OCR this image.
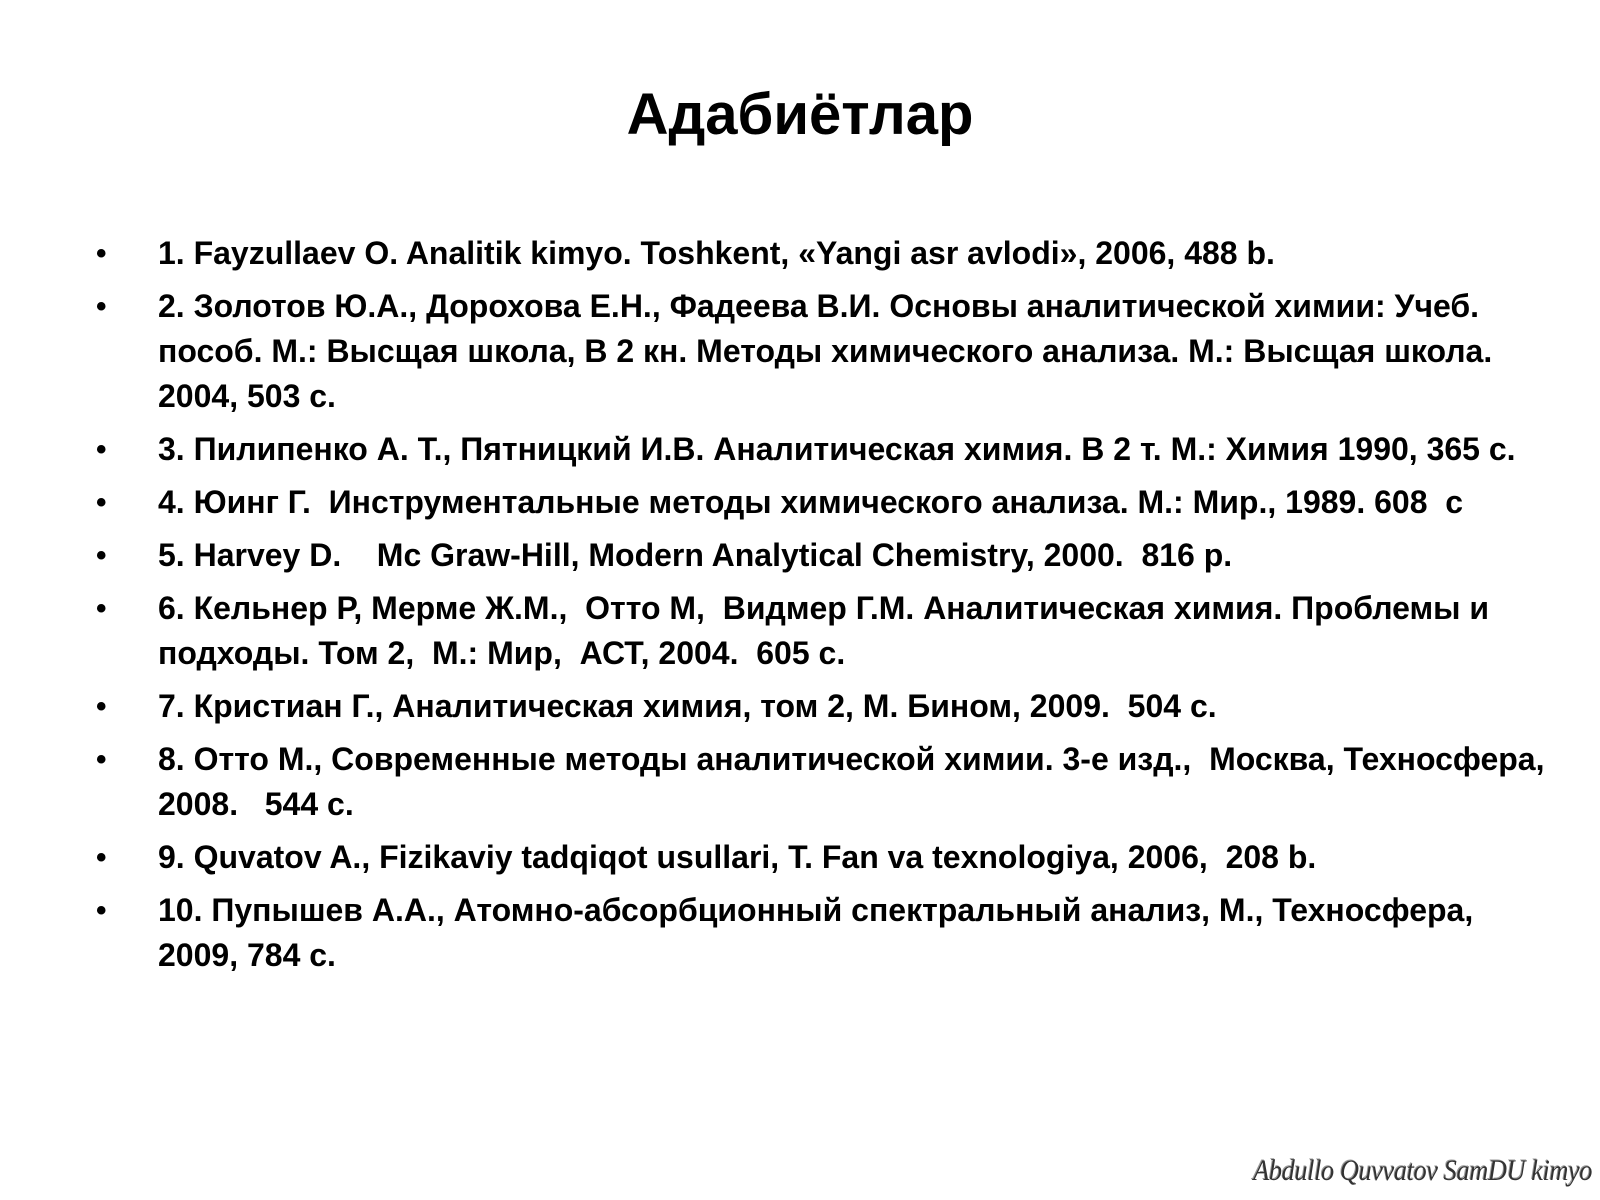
Адабиётлар
• 1. Fayzullaev O. Analitik kimyo. Toshkent, «Yangi asr avlodi», 2006, 488 b.
• 2. Золотов Ю.А., Дорохова Е.Н., Фадеева В.И. Основы аналитической химии: Учеб. пособ. М.: Высщая школа, В 2 кн. Методы химического анализа. М.: Высщая школа. 2004, 503 с.
• 3. Пилипенко А. Т., Пятницкий И.В. Аналитическая химия. В 2 т. М.: Химия 1990, 365 с.
• 4. Юинг Г.  Инструментальные методы химического анализа. М.: Мир., 1989. 608  с
• 5. Harvey D.    Mc Graw-Hill, Modern Analytical Chemistry, 2000.  816 p.
• 6. Кельнер Р, Мерме Ж.М.,  Отто М,  Видмер Г.М. Аналитическая химия. Проблемы и подходы. Том 2,  М.: Мир,  АСТ, 2004.  605 с.
• 7. Кристиан Г., Аналитическая химия, том 2, М. Бином, 2009.  504 с.
• 8. Отто М., Современные методы аналитической химии. 3-е изд.,  Москва, Техносфера, 2008.   544 с.
• 9. Quvatov A., Fizikaviy tadqiqot usullari, T. Fan va texnologiya, 2006,  208 b.
• 10. Пупышев А.А., Атомно-абсорбционный спектральный анализ, М., Техносфера, 2009, 784 с.
Abdullo Quvvatov SamDU kimyo
